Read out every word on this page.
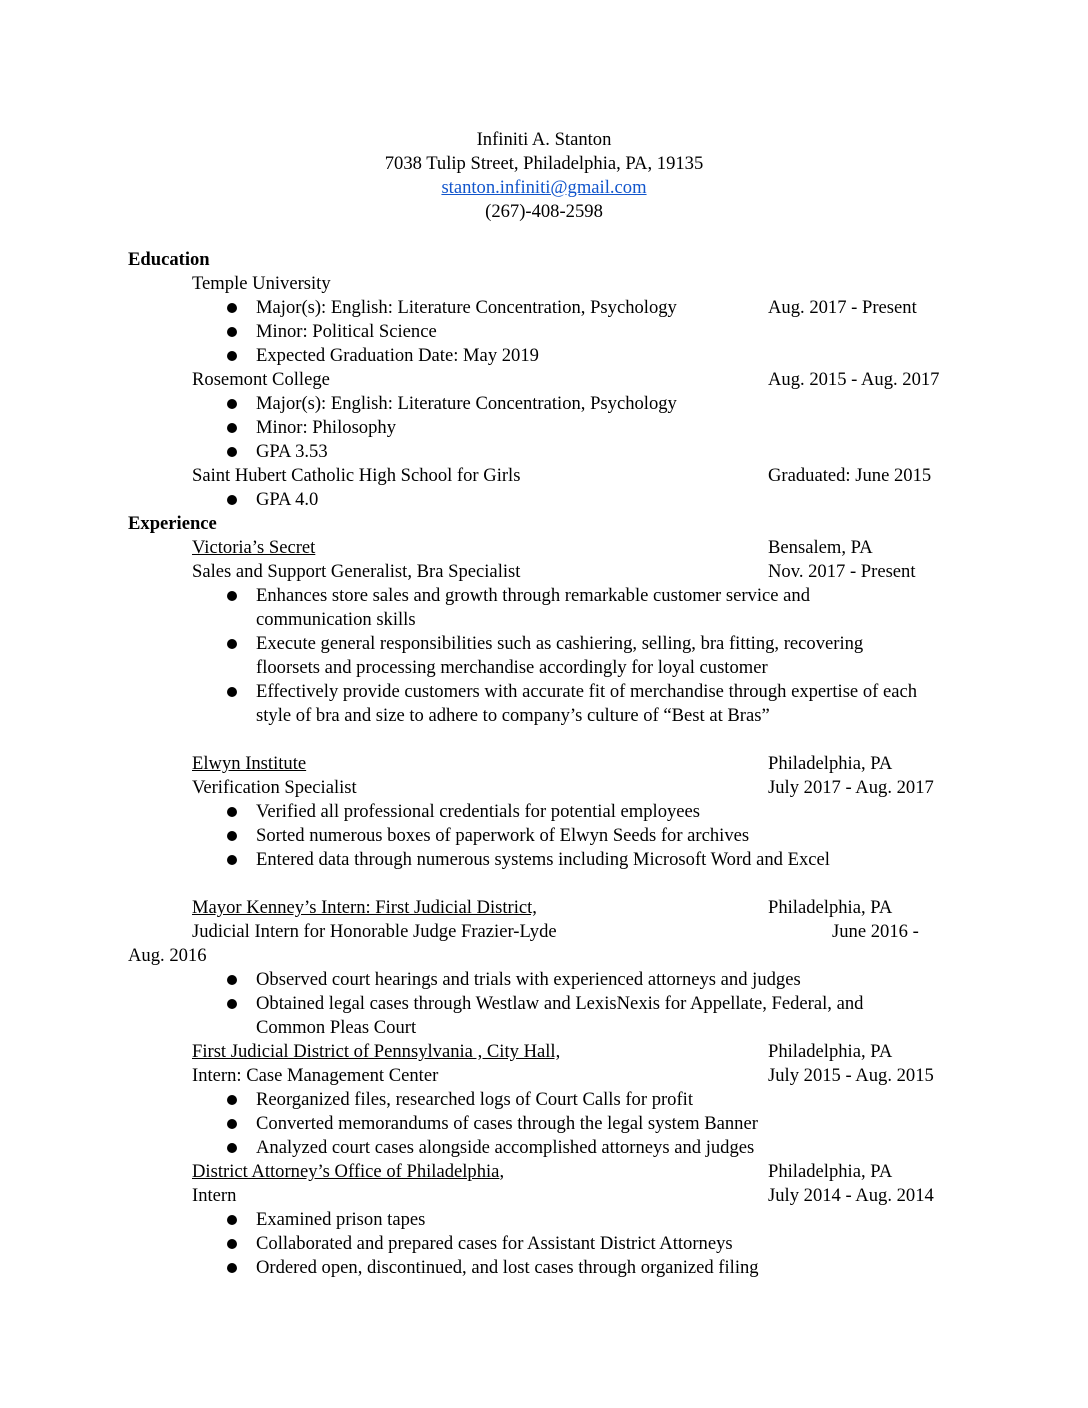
Infiniti A. Stanton
7038 Tulip Street, Philadelphia, PA, 19135
stanton.infiniti@gmail.com
(267)-408-2598
Education
Temple University
Major(s): English: Literature Concentration, Psychology	Aug. 2017 - Present
Minor: Political Science
Expected Graduation Date: May 2019
Rosemont College	Aug. 2015 - Aug. 2017
Major(s): English: Literature Concentration, Psychology
Minor: Philosophy
GPA 3.53
Saint Hubert Catholic High School for Girls	Graduated: June 2015
GPA 4.0
Experience
Victoria’s Secret	Bensalem, PA
Sales and Support Generalist, Bra Specialist	Nov. 2017 - Present
Enhances store sales and growth through remarkable customer service and
communication skills
Execute general responsibilities such as cashiering, selling, bra fitting, recovering
floorsets and processing merchandise accordingly for loyal customer
Effectively provide customers with accurate fit of merchandise through expertise of each
style of bra and size to adhere to company’s culture of “Best at Bras”
Elwyn Institute	Philadelphia, PA
Verification Specialist	July 2017 - Aug. 2017
Verified all professional credentials for potential employees
Sorted numerous boxes of paperwork of Elwyn Seeds for archives
Entered data through numerous systems including Microsoft Word and Excel
Mayor Kenney’s Intern: First Judicial District,	Philadelphia, PA
Judicial Intern for Honorable Judge Frazier-Lyde	June 2016 -
Aug. 2016
Observed court hearings and trials with experienced attorneys and judges
Obtained legal cases through Westlaw and LexisNexis for Appellate, Federal, and
Common Pleas Court
First Judicial District of Pennsylvania , City Hall,	Philadelphia, PA
Intern: Case Management Center	July 2015 - Aug. 2015
Reorganized files, researched logs of Court Calls for profit
Converted memorandums of cases through the legal system Banner
Analyzed court cases alongside accomplished attorneys and judges
District Attorney’s Office of Philadelphia,	Philadelphia, PA
Intern	July 2014 - Aug. 2014
Examined prison tapes
Collaborated and prepared cases for Assistant District Attorneys
Ordered open, discontinued, and lost cases through organized filing
